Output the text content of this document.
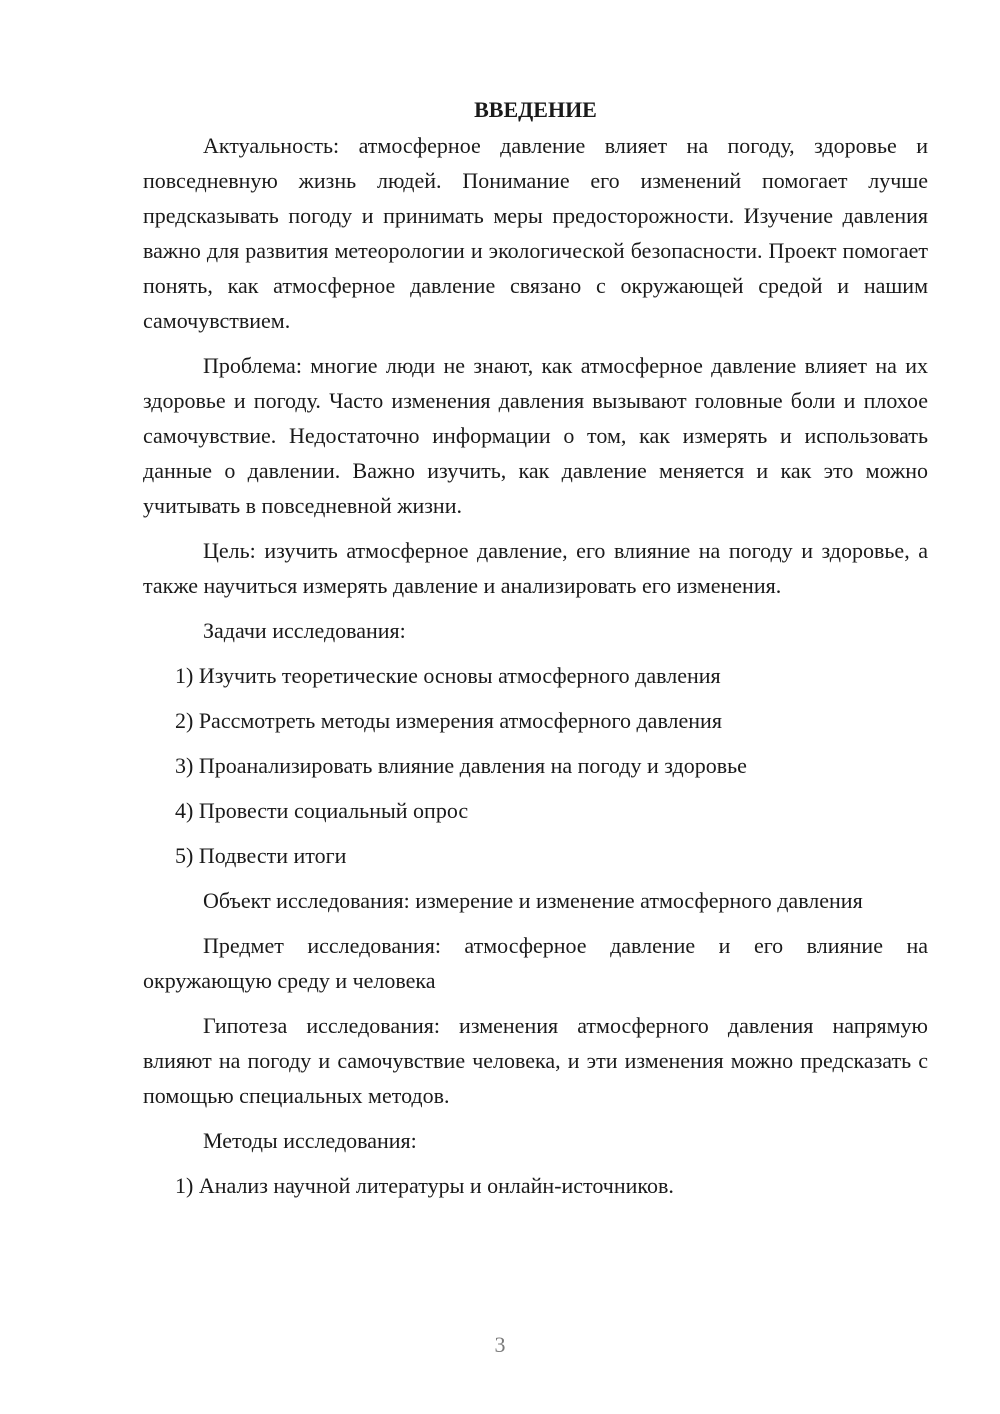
ВВЕДЕНИЕ

Актуальность: атмосферное давление влияет на погоду, здоровье и повседневную жизнь людей. Понимание его изменений помогает лучше предсказывать погоду и принимать меры предосторожности. Изучение давления важно для развития метеорологии и экологической безопасности. Проект помогает понять, как атмосферное давление связано с окружающей средой и нашим самочувствием.

Проблема: многие люди не знают, как атмосферное давление влияет на их здоровье и погоду. Часто изменения давления вызывают головные боли и плохое самочувствие. Недостаточно информации о том, как измерять и использовать данные о давлении. Важно изучить, как давление меняется и как это можно учитывать в повседневной жизни.

Цель: изучить атмосферное давление, его влияние на погоду и здоровье, а также научиться измерять давление и анализировать его изменения.

Задачи исследования:

1) Изучить теоретические основы атмосферного давления
2) Рассмотреть методы измерения атмосферного давления
3) Проанализировать влияние давления на погоду и здоровье
4) Провести социальный опрос
5) Подвести итоги

Объект исследования: измерение и изменение атмосферного давления

Предмет исследования: атмосферное давление и его влияние на окружающую среду и человека

Гипотеза исследования: изменения атмосферного давления напрямую влияют на погоду и самочувствие человека, и эти изменения можно предсказать с помощью специальных методов.

Методы исследования:

1) Анализ научной литературы и онлайн-источников.
3
